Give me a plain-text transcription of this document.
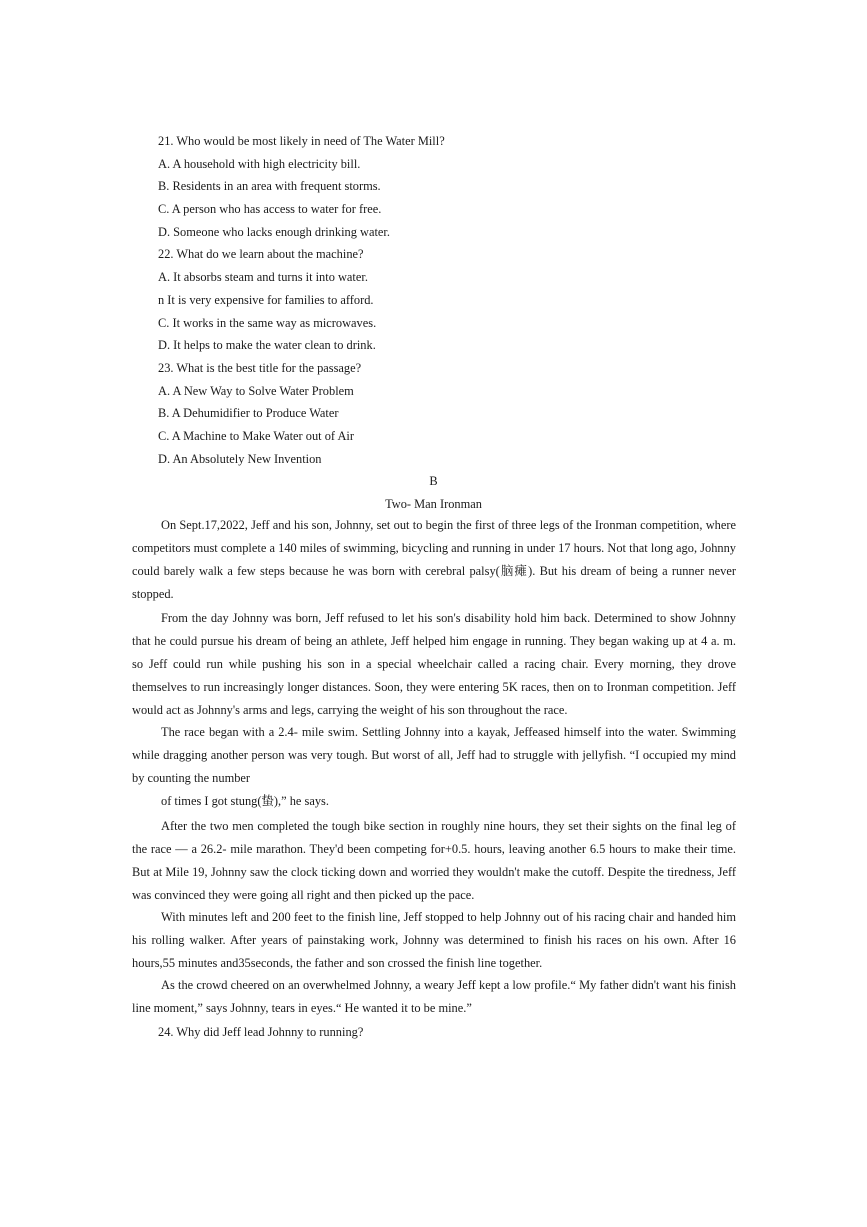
21. Who would be most likely in need of The Water Mill?

A. A household with high electricity bill.

B. Residents in an area with frequent storms.

C. A person who has access to water for free.

D. Someone who lacks enough drinking water.

22. What do we learn about the machine?

A. It absorbs steam and turns it into water.

n It is very expensive for families to afford.

C. It works in the same way as microwaves.

D. It helps to make the water clean to drink.

23. What is the best title for the passage?

A. A New Way to Solve Water Problem

B. A Dehumidifier to Produce Water

C. A Machine to Make Water out of Air

D. An Absolutely New Invention

B

Two- Man Ironman

On Sept.17,2022, Jeff and his son, Johnny, set out to begin the first of three legs of the Ironman competition, where competitors must complete a 140 miles of swimming, bicycling and running in under 17 hours. Not that long ago, Johnny could barely walk a few steps because he was born with cerebral palsy(脑瘫). But his dream of being a runner never stopped.

From the day Johnny was born, Jeff refused to let his son's disability hold him back. Determined to show Johnny that he could pursue his dream of being an athlete, Jeff helped him engage in running. They began waking up at 4 a. m. so Jeff could run while pushing his son in a special wheelchair called a racing chair. Every morning, they drove themselves to run increasingly longer distances. Soon, they were entering 5K races, then on to Ironman competition. Jeff would act as Johnny's arms and legs, carrying the weight of his son throughout the race.

The race began with a 2.4- mile swim. Settling Johnny into a kayak, Jeffeased himself into the water. Swimming while dragging another person was very tough. But worst of all, Jeff had to struggle with jellyfish. “I occupied my mind by counting the number

of times I got stung(蛰),” he says.

After the two men completed the tough bike section in roughly nine hours, they set their sights on the final leg of the race — a 26.2- mile marathon. They'd been competing for+0.5. hours, leaving another 6.5 hours to make their time. But at Mile 19, Johnny saw the clock ticking down and worried they wouldn't make the cutoff. Despite the tiredness, Jeff was convinced they were going all right and then picked up the pace.

With minutes left and 200 feet to the finish line, Jeff stopped to help Johnny out of his racing chair and handed him his rolling walker. After years of painstaking work, Johnny was determined to finish his races on his own. After 16 hours,55 minutes and35seconds, the father and son crossed the finish line together.

As the crowd cheered on an overwhelmed Johnny, a weary Jeff kept a low profile.“ My father didn't want his finish line moment,” says Johnny, tears in eyes.“ He wanted it to be mine.”

24. Why did Jeff lead Johnny to running?
